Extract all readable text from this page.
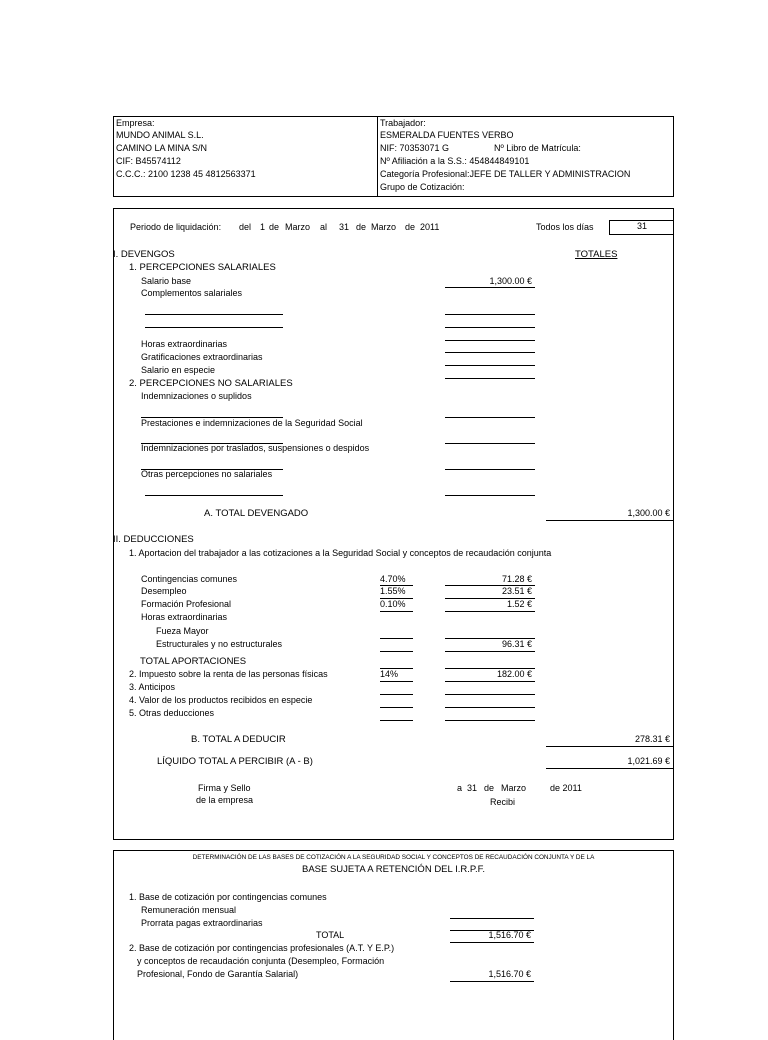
Empresa:
MUNDO ANIMAL S.L.
CAMINO LA MINA S/N
CIF: B45574112
C.C.C.: 2100 1238 45 4812563371
Trabajador:
ESMERALDA FUENTES VERBO
NIF: 70353071 G	Nº Libro de Matrícula:
Nº Afiliación a la S.S.: 454844849101
Categoría Profesional:JEFE DE TALLER Y ADMINISTRACION
Grupo de Cotización:
Periodo de liquidación: del 1 de Marzo al 31 de Marzo de 2011	Todos los días	31
I. DEVENGOS	TOTALES
1. PERCEPCIONES SALARIALES
Salario base	1,300.00 €
Complementos salariales
Horas extraordinarias
Gratificaciones extraordinarias
Salario en especie
2. PERCEPCIONES NO SALARIALES
Indemnizaciones o suplidos
Prestaciones e indemnizaciones de la Seguridad Social
Indemnizaciones por traslados, suspensiones o despidos
Otras percepciones no salariales
A. TOTAL DEVENGADO	1,300.00 €
II. DEDUCCIONES
1. Aportacion del trabajador a las cotizaciones a la Seguridad Social y conceptos de recaudación conjunta
Contingencias comunes	4.70%	71.28 €
Desempleo	1.55%	23.51 €
Formación Profesional	0.10%	1.52 €
Horas extraordinarias
Fueza Mayor
Estructurales y no estructurales	96.31 €
TOTAL APORTACIONES
2. Impuesto sobre la renta de las personas físicas	14%	182.00 €
3. Anticipos
4. Valor de los productos recibidos en especie
5. Otras deducciones
B. TOTAL A DEDUCIR	278.31 €
LÍQUIDO TOTAL A PERCIBIR (A - B)	1,021.69 €
Firma y Sello
de la empresa
a 31 de Marzo	de 2011
Recibi
DETERMINACIÓN DE LAS BASES DE COTIZACIÓN A LA SEGURIDAD SOCIAL Y CONCEPTOS DE RECAUDACIÓN CONJUNTA Y DE LA
BASE SUJETA A RETENCIÓN DEL I.R.P.F.
1. Base de cotización por contingencias comunes
Remuneración mensual
Prorrata pagas extraordinarias
TOTAL	1,516.70 €
2. Base de cotización por contingencias profesionales (A.T. Y E.P.)
y conceptos de recaudación conjunta (Desempleo, Formación
Profesional, Fondo de Garantía Salarial)	1,516.70 €
